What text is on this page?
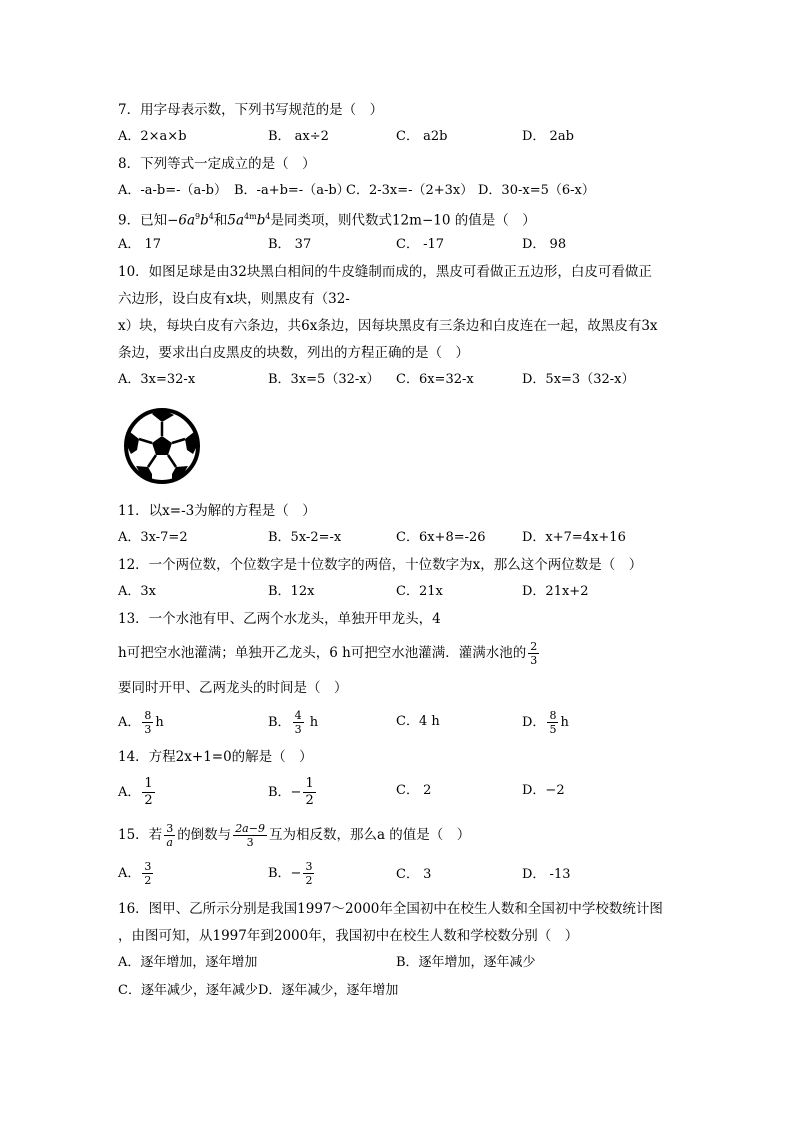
7．用字母表示数，下列书写规范的是（　）
A．2×a×b	B． ax÷2	C． a2b	D． 2ab
8．下列等式一定成立的是（　）
A．-a-b=-（a-b） B．-a+b=-（a-b）
C．2-3x=-（2+3x） D．30-x=5（6-x）
9．已知$-6a^9b^4$和$5a^{4m}b^4$是同类项，则代数式12m−10 的值是（　）
A． 17	B． 37	C． -17	D． 98
10．如图足球是由32块黑白相间的牛皮缝制而成的，黑皮可看做正五边形，白皮可看做正
六边形，设白皮有x块，则黑皮有（32-
x）块，每块白皮有六条边，共6x条边，因每块黑皮有三条边和白皮连在一起，故黑皮有3x
条边，要求出白皮黑皮的块数，列出的方程正确的是（　）
A．3x=32-x	B．3x=5（32-x） C．6x=32-x	D．5x=3（32-x）
11．以x=-3为解的方程是（　）
A．3x-7=2	B．5x-2=-x	C．6x+8=-26	D．x+7=4x+16
12．一个两位数，个位数字是十位数字的两倍，十位数字为x，那么这个两位数是（　）
A．3x	B．12x	C．21x	D．21x+2
13．一个水池有甲、乙两个水龙头，单独开甲龙头，4
h可把空水池灌满；单独开乙龙头，6 h可把空水池灌满．灌满水池的 $\frac{2}{3}$
要同时开甲、乙两龙头的时间是（　）
A． $\frac{8}{3}$ h	B． $\frac{4}{3}$ h	C．4 h	D． $\frac{8}{5}$ h
14．方程2x+1=0的解是（　）
A． $\frac{1}{2}$	B．− $\frac{1}{2}$	C． 2	D．−2
15．若 $\frac{3}{a}$ 的倒数与 $\frac{2a-9}{3}$ 互为相反数，那么a 的值是（　）
A． $\frac{3}{2}$	B．− $\frac{3}{2}$	C． 3	D． -13
16．图甲、乙所示分别是我国1997～2000年全国初中在校生人数和全国初中学校数统计图
，由图可知，从1997年到2000年，我国初中在校生人数和学校数分别（　）
A．逐年增加，逐年增加	B．逐年增加，逐年减少
C．逐年减少，逐年减少D．逐年减少，逐年增加
